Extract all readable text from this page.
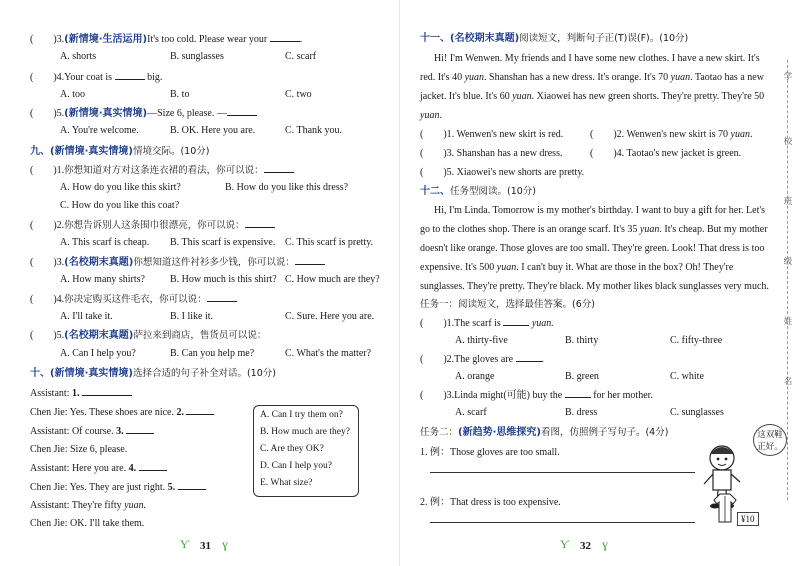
(　　)3.(新情境·生活运用)It's too cold. Please wear your	.
A. shorts	B. sunglasses	C. scarf
(　　)4.Your coat is	big.
A. too	B. to	C. two
(　　)5.(新情境·真实情境)—Size 6, please. —
A. You're welcome.	B. OK. Here you are.	C. Thank you.
九、(新情境·真实情境)情境交际。(10分)
(　　)1.你想知道对方对这条连衣裙的看法，你可以说：
A. How do you like this skirt?	B. How do you like this dress?
C. How do you like this coat?
(　　)2.你想告诉别人这条围巾很漂亮，你可以说：
A. This scarf is cheap. B. This scarf is expensive. C. This scarf is pretty.
(　　)3.(名校期末真题)你想知道这件衬衫多少钱，你可以说：
A. How many shirts?	B. How much is this shirt? C. How much are they?
(　　)4.你决定购买这件毛衣，你可以说：
A. I'll take it.	B. I like it.	C. Sure. Here you are.
(　　)5.(名校期末真题)萨拉来到商店，售货员可以说：
A. Can I help you?	B. Can you help me?	C. What's the matter?
十、(新情境·真实情境)选择合适的句子补全对话。(10分)
Assistant: 1.
Chen Jie: Yes. These shoes are nice. 2.
Assistant: Of course. 3.
Chen Jie: Size 6, please.
Assistant: Here you are. 4.
Chen Jie: Yes. They are just right. 5.
Assistant: They're fifty yuan.
Chen Jie: OK. I'll take them.
A. Can I try them on?
B. How much are they?
C. Are they OK?
D. Can I help you?
E. What size?
Ƴ 31 ɣ
十一、(名校期末真题)阅读短文，判断句子正(T)误(F)。(10分)
Hi! I'm Wenwen. My friends and I have some new clothes. I have a new skirt. It's
red. It's 40 yuan. Shanshan has a new dress. It's orange. It's 70 yuan. Taotao has a new
jacket. It's blue. It's 60 yuan. Xiaowei has new green shorts. They're pretty. They're 50
yuan.
(　　)1. Wenwen's new skirt is red.	(　　)2. Wenwen's new skirt is 70 yuan.
(　　)3. Shanshan has a new dress.	(　　)4. Taotao's new jacket is green.
(　　)5. Xiaowei's new shorts are pretty.
十二、任务型阅读。(10分)
Hi, I'm Linda. Tomorrow is my mother's birthday. I want to buy a gift for her. Let's
go to the clothes shop. There is an orange scarf. It's 35 yuan. It's cheap. But my mother
doesn't like orange. Those gloves are too small. They're green. Look! That dress is too
expensive. It's 500 yuan. I can't buy it. What are those in the box? Oh! They're
sunglasses. They're pretty. They're black. My mother likes black sunglasses very much.
任务一：阅读短文，选择最佳答案。(6分)
(　　)1.The scarf is	yuan.
A. thirty-five	B. thirty	C. fifty-three
(　　)2.The gloves are	.
A. orange	B. green	C. white
(　　)3.Linda might(可能) buy the	for her mother.
A. scarf	B. dress	C. sunglasses
任务二：(新趋势·思维探究)看图，仿照例子写句子。(4分)
1. 例：Those gloves are too small.
2. 例：That dress is too expensive.
Ƴ 32 ɣ
这双鞋
正好。
¥10
学
校
班
级
姓
名
